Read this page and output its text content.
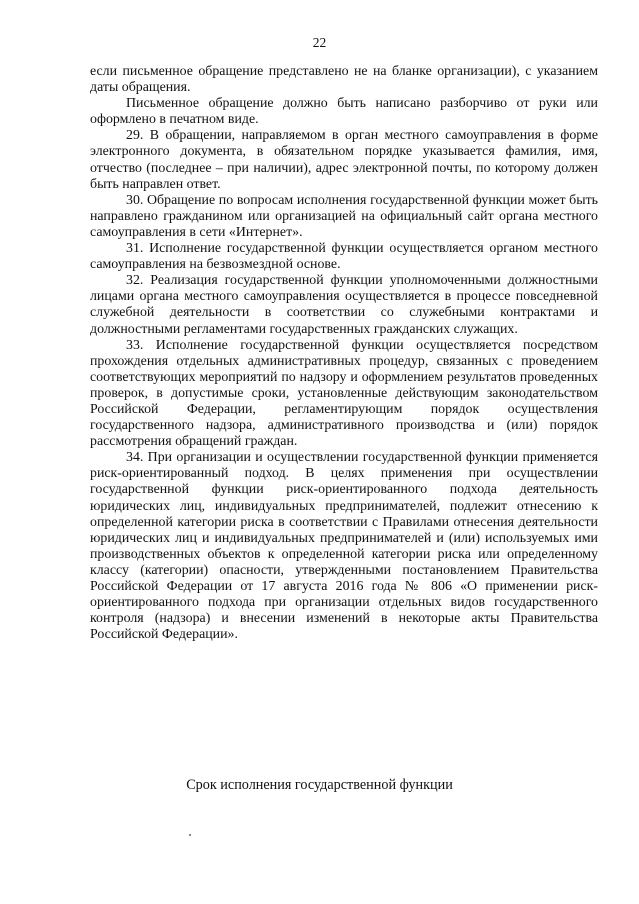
22

если письменное обращение представлено не на бланке организации), с указанием даты обращения.

Письменное обращение должно быть написано разборчиво от руки или оформлено в печатном виде.

29. В обращении, направляемом в орган местного самоуправления в форме электронного документа, в обязательном порядке указывается фамилия, имя, отчество (последнее – при наличии), адрес электронной почты, по которому должен быть направлен ответ.

30. Обращение по вопросам исполнения государственной функции может быть направлено гражданином или организацией на официальный сайт органа местного самоуправления в сети «Интернет».

31. Исполнение государственной функции осуществляется органом местного самоуправления на безвозмездной основе.

32. Реализация государственной функции уполномоченными должностными лицами органа местного самоуправления осуществляется в процессе повседневной служебной деятельности в соответствии со служебными контрактами и должностными регламентами государственных гражданских служащих.

33. Исполнение государственной функции осуществляется посредством прохождения отдельных административных процедур, связанных с проведением соответствующих мероприятий по надзору и оформлением результатов проведенных проверок, в допустимые сроки, установленные действующим законодательством Российской Федерации, регламентирующим порядок осуществления государственного надзора, административного производства и (или) порядок рассмотрения обращений граждан.

34. При организации и осуществлении государственной функции применяется риск-ориентированный подход. В целях применения при осуществлении государственной функции риск-ориентированного подхода деятельность юридических лиц, индивидуальных предпринимателей, подлежит отнесению к определенной категории риска в соответствии с Правилами отнесения деятельности юридических лиц и индивидуальных предпринимателей и (или) используемых ими производственных объектов к определенной категории риска или определенному классу (категории) опасности, утвержденными постановлением Правительства Российской Федерации от 17 августа 2016 года № 806 «О применении риск-ориентированного подхода при организации отдельных видов государственного контроля (надзора) и внесении изменений в некоторые акты Правительства Российской Федерации».

Срок исполнения государственной функции
